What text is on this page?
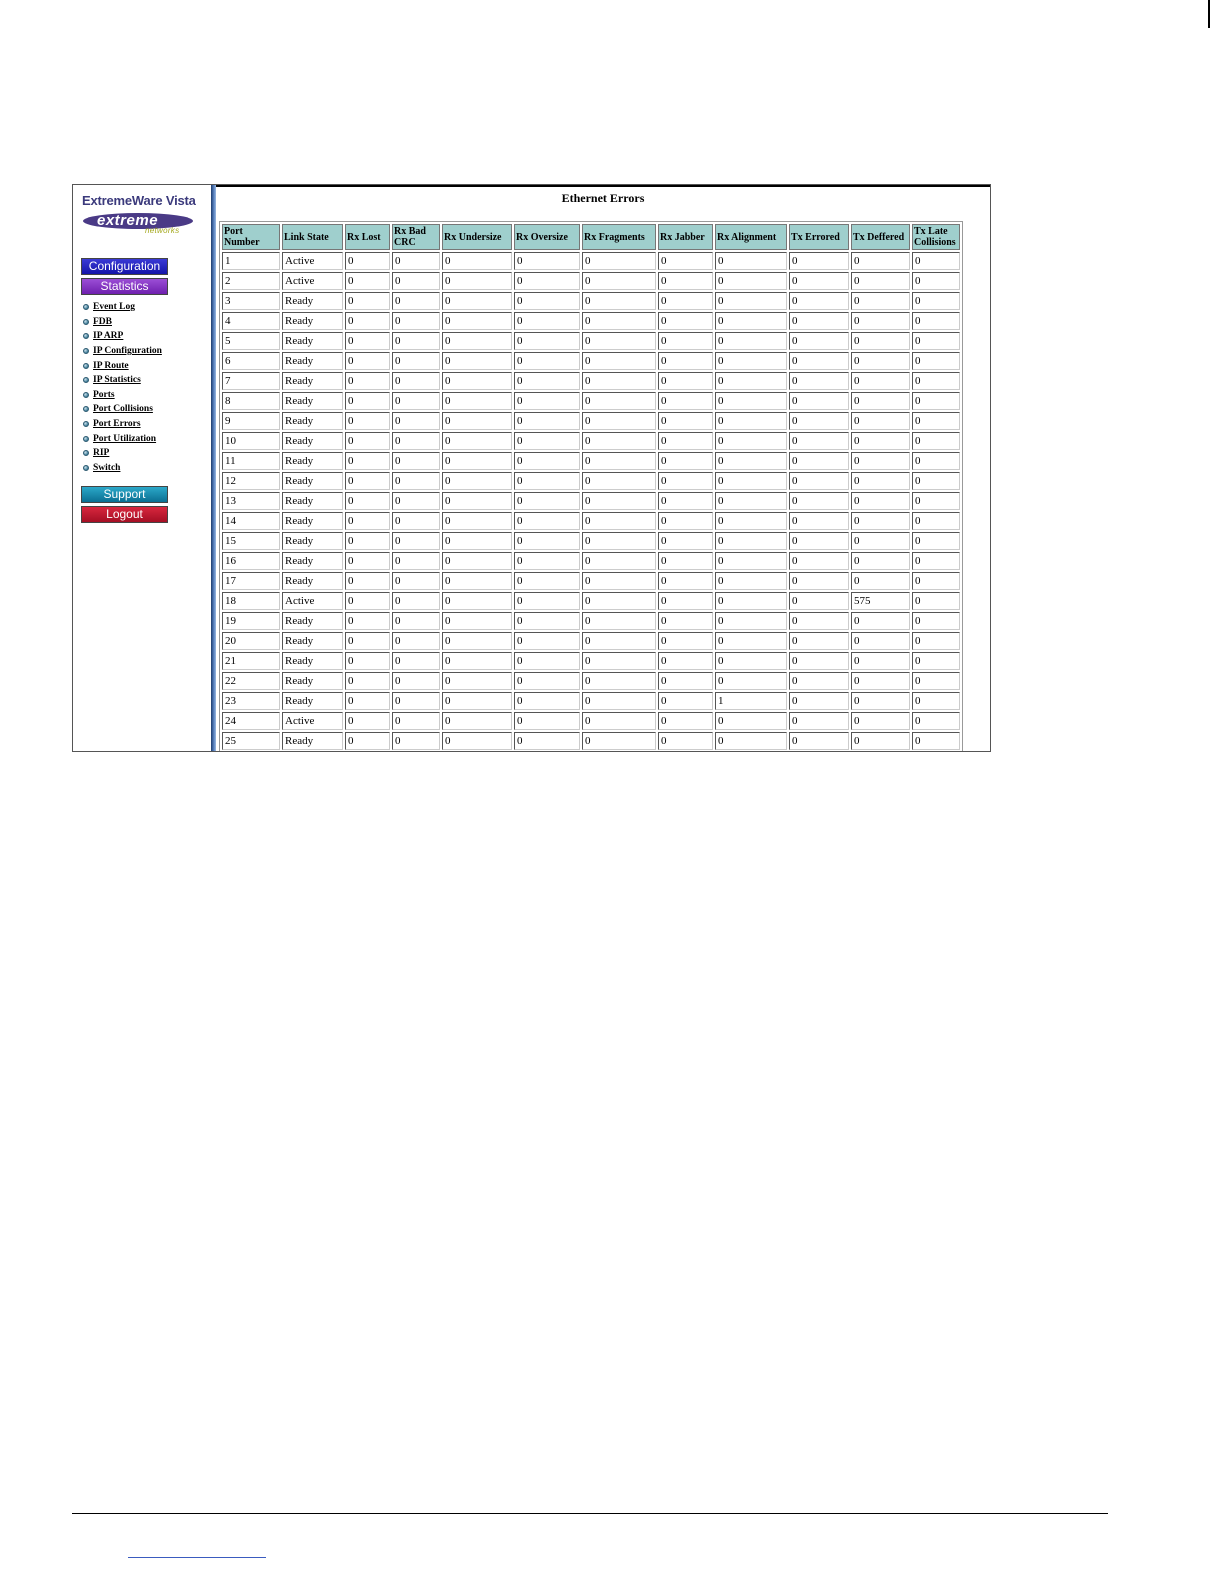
ExtremeWare Vista
extreme
networks
Configuration
Statistics
Event Log
FDB
IP ARP
IP Configuration
IP Route
IP Statistics
Ports
Port Collisions
Port Errors
Port Utilization
RIP
Switch
Support
Logout
Ethernet Errors
Port Number	Link State	Rx Lost	Rx Bad CRC	Rx Undersize	Rx Oversize	Rx Fragments	Rx Jabber	Rx Alignment	Tx Errored	Tx Deffered	Tx Late Collisions
1	Active	0	0	0	0	0	0	0	0	0	0
2	Active	0	0	0	0	0	0	0	0	0	0
3	Ready	0	0	0	0	0	0	0	0	0	0
4	Ready	0	0	0	0	0	0	0	0	0	0
5	Ready	0	0	0	0	0	0	0	0	0	0
6	Ready	0	0	0	0	0	0	0	0	0	0
7	Ready	0	0	0	0	0	0	0	0	0	0
8	Ready	0	0	0	0	0	0	0	0	0	0
9	Ready	0	0	0	0	0	0	0	0	0	0
10	Ready	0	0	0	0	0	0	0	0	0	0
11	Ready	0	0	0	0	0	0	0	0	0	0
12	Ready	0	0	0	0	0	0	0	0	0	0
13	Ready	0	0	0	0	0	0	0	0	0	0
14	Ready	0	0	0	0	0	0	0	0	0	0
15	Ready	0	0	0	0	0	0	0	0	0	0
16	Ready	0	0	0	0	0	0	0	0	0	0
17	Ready	0	0	0	0	0	0	0	0	0	0
18	Active	0	0	0	0	0	0	0	0	575	0
19	Ready	0	0	0	0	0	0	0	0	0	0
20	Ready	0	0	0	0	0	0	0	0	0	0
21	Ready	0	0	0	0	0	0	0	0	0	0
22	Ready	0	0	0	0	0	0	0	0	0	0
23	Ready	0	0	0	0	0	0	1	0	0	0
24	Active	0	0	0	0	0	0	0	0	0	0
25	Ready	0	0	0	0	0	0	0	0	0	0
